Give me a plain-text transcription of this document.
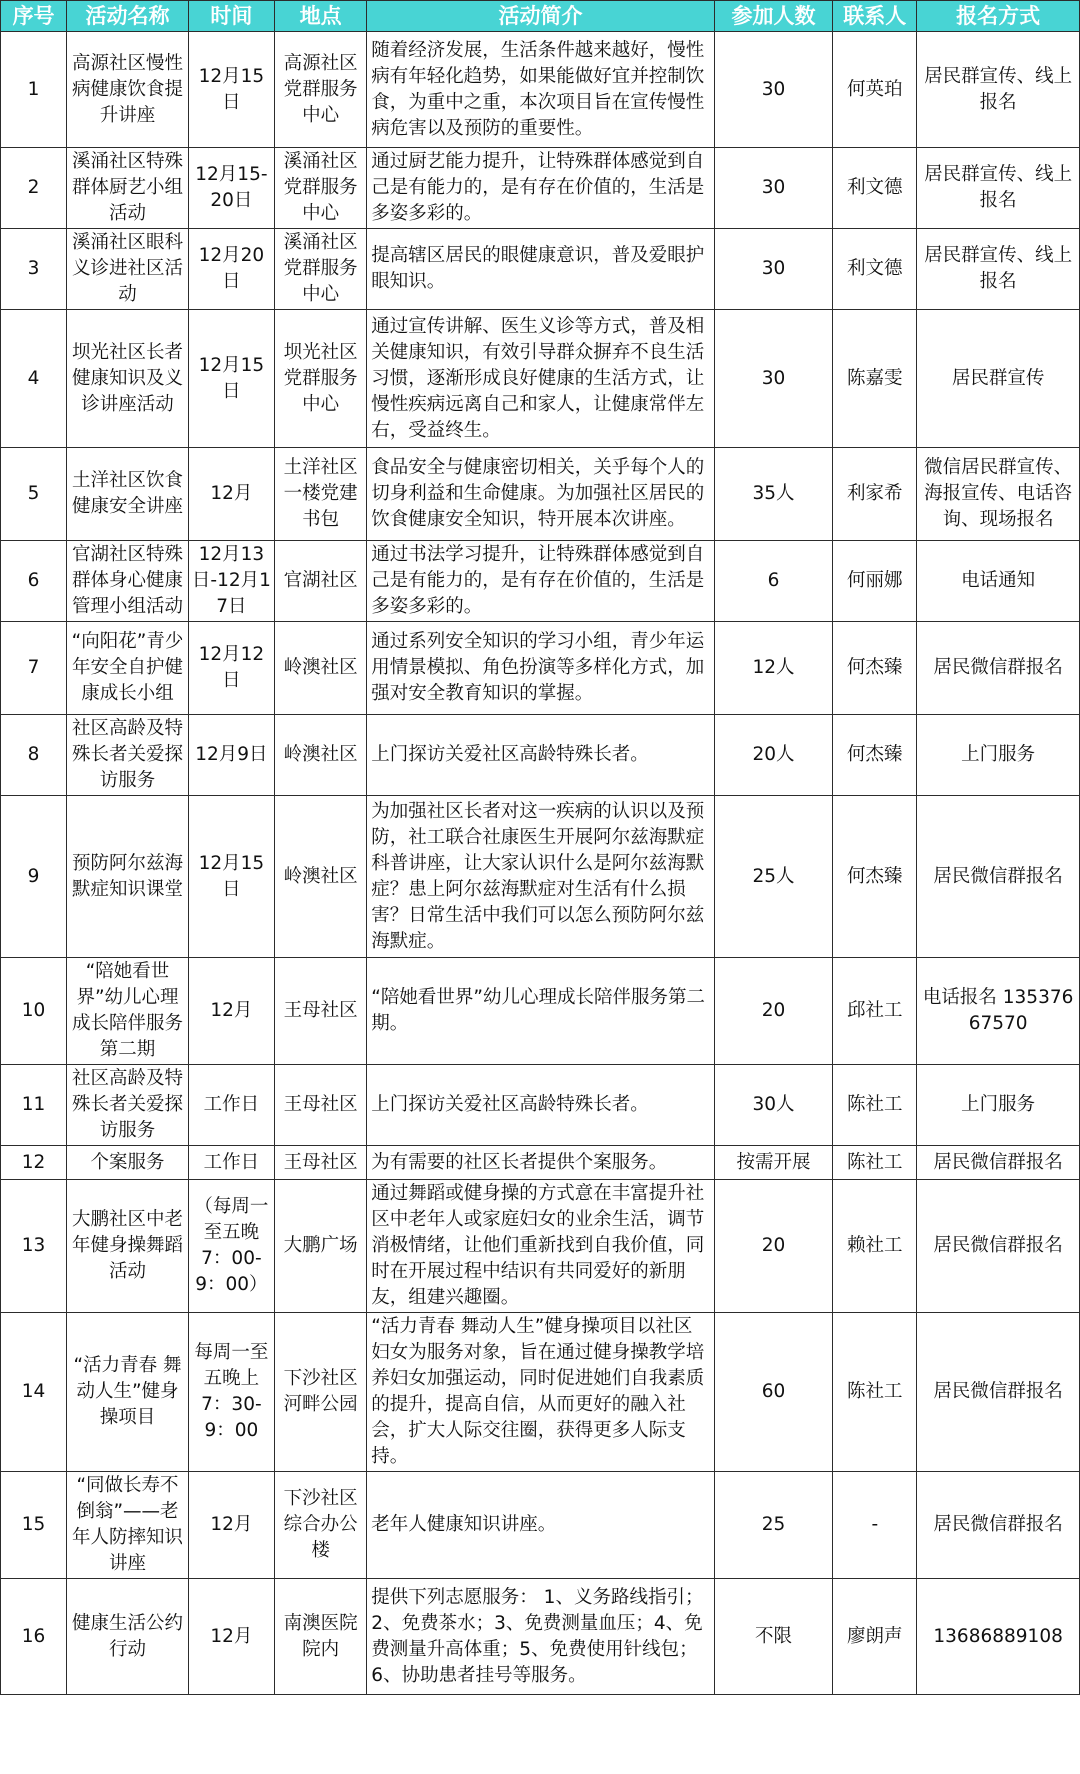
序号	活动名称	时间	地点	活动简介	参加人数	联系人	报名方式
1	高源社区慢性病健康饮食提升讲座	12月15日	高源社区党群服务中心	随着经济发展，生活条件越来越好，慢性病有年轻化趋势，如果能做好宜并控制饮食，为重中之重，本次项目旨在宣传慢性病危害以及预防的重要性。	30	何英珀	居民群宣传、线上报名
2	溪涌社区特殊群体厨艺小组活动	12月15-20日	溪涌社区党群服务中心	通过厨艺能力提升，让特殊群体感觉到自己是有能力的，是有存在价值的，生活是多姿多彩的。	30	利文德	居民群宣传、线上报名
3	溪涌社区眼科义诊进社区活动	12月20日	溪涌社区党群服务中心	提高辖区居民的眼健康意识，普及爱眼护眼知识。	30	利文德	居民群宣传、线上报名
4	坝光社区长者健康知识及义诊讲座活动	12月15日	坝光社区党群服务中心	通过宣传讲解、医生义诊等方式，普及相关健康知识，有效引导群众摒弃不良生活习惯，逐渐形成良好健康的生活方式，让慢性疾病远离自己和家人，让健康常伴左右，受益终生。	30	陈嘉雯	居民群宣传
5	土洋社区饮食健康安全讲座	12月	土洋社区一楼党建书包	食品安全与健康密切相关，关乎每个人的切身利益和生命健康。为加强社区居民的饮食健康安全知识，特开展本次讲座。	35人	利家希	微信居民群宣传、海报宣传、电话咨询、现场报名
6	官湖社区特殊群体身心健康管理小组活动	12月13日-12月17日	官湖社区	通过书法学习提升，让特殊群体感觉到自己是有能力的，是有存在价值的，生活是多姿多彩的。	6	何丽娜	电话通知
7	“向阳花”青少年安全自护健康成长小组	12月12日	岭澳社区	通过系列安全知识的学习小组，青少年运用情景模拟、角色扮演等多样化方式，加强对安全教育知识的掌握。	12人	何杰臻	居民微信群报名
8	社区高龄及特殊长者关爱探访服务	12月9日	岭澳社区	上门探访关爱社区高龄特殊长者。	20人	何杰臻	上门服务
9	预防阿尔兹海默症知识课堂	12月15日	岭澳社区	为加强社区长者对这一疾病的认识以及预防，社工联合社康医生开展阿尔兹海默症科普讲座，让大家认识什么是阿尔兹海默症？患上阿尔兹海默症对生活有什么损害？日常生活中我们可以怎么预防阿尔兹海默症。	25人	何杰臻	居民微信群报名
10	“陪她看世界”幼儿心理成长陪伴服务第二期	12月	王母社区	“陪她看世界”幼儿心理成长陪伴服务第二期。	20	邱社工	电话报名 13537667570
11	社区高龄及特殊长者关爱探访服务	工作日	王母社区	上门探访关爱社区高龄特殊长者。	30人	陈社工	上门服务
12	个案服务	工作日	王母社区	为有需要的社区长者提供个案服务。	按需开展	陈社工	居民微信群报名
13	大鹏社区中老年健身操舞蹈活动	（每周一至五晚7：00-9：00）	大鹏广场	通过舞蹈或健身操的方式意在丰富提升社区中老年人或家庭妇女的业余生活，调节消极情绪，让他们重新找到自我价值，同时在开展过程中结识有共同爱好的新朋友，组建兴趣圈。	20	赖社工	居民微信群报名
14	“活力青春 舞动人生”健身操项目	每周一至五晚上7：30-9：00	下沙社区河畔公园	“活力青春 舞动人生”健身操项目以社区妇女为服务对象，旨在通过健身操教学培养妇女加强运动，同时促进她们自我素质的提升，提高自信，从而更好的融入社会，扩大人际交往圈，获得更多人际支持。	60	陈社工	居民微信群报名
15	“同做长寿不倒翁”——老年人防摔知识讲座	12月	下沙社区综合办公楼	老年人健康知识讲座。	25	-	居民微信群报名
16	健康生活公约行动	12月	南澳医院院内	提供下列志愿服务： 1、义务路线指引；2、免费茶水；3、免费测量血压；4、免费测量升高体重；5、免费使用针线包；6、协助患者挂号等服务。	不限	廖朗声	13686889108
